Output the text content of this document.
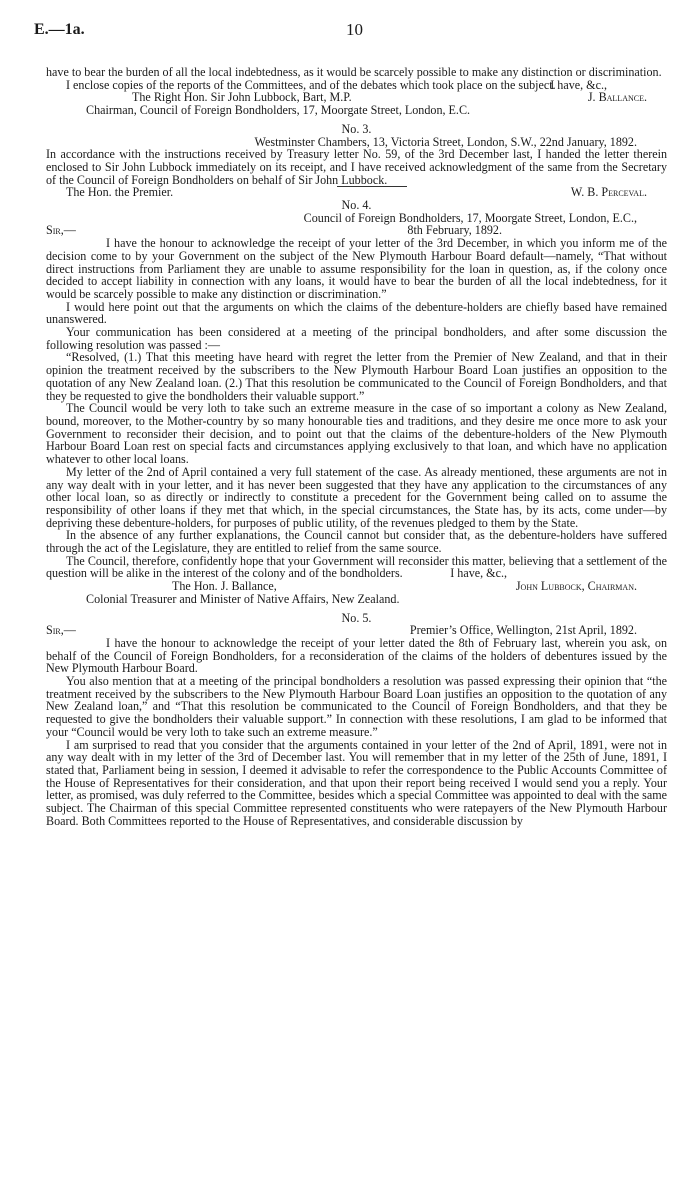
E.—1a.	10

have to bear the burden of all the local indebtedness, as it would be scarcely possible to make any distinction or discrimination.

I enclose copies of the reports of the Committees, and of the debates which took place on the subject.

I have, &c.,

The Right Hon. Sir John Lubbock, Bart, M.P.	J. Ballance.

Chairman, Council of Foreign Bondholders, 17, Moorgate Street, London, E.C.

No. 3.

Westminster Chambers, 13, Victoria Street, London, S.W., 22nd January, 1892.

In accordance with the instructions received by Treasury letter No. 59, of the 3rd December last, I handed the letter therein enclosed to Sir John Lubbock immediately on its receipt, and I have received acknowledgment of the same from the Secretary of the Council of Foreign Bondholders on behalf of Sir John Lubbock.

The Hon. the Premier.	W. B. Perceval.

No. 4.

Council of Foreign Bondholders, 17, Moorgate Street, London, E.C.,

Sir,—	8th February, 1892.

I have the honour to acknowledge the receipt of your letter of the 3rd December, in which you inform me of the decision come to by your Government on the subject of the New Plymouth Harbour Board default—namely, “That without direct instructions from Parliament they are unable to assume responsibility for the loan in question, as, if the colony once decided to accept liability in connection with any loans, it would have to bear the burden of all the local indebtedness, for it would be scarcely possible to make any distinction or discrimination.”

I would here point out that the arguments on which the claims of the debenture-holders are chiefly based have remained unanswered.

Your communication has been considered at a meeting of the principal bondholders, and after some discussion the following resolution was passed :—

“Resolved, (1.) That this meeting have heard with regret the letter from the Premier of New Zealand, and that in their opinion the treatment received by the subscribers to the New Plymouth Harbour Board Loan justifies an opposition to the quotation of any New Zealand loan. (2.) That this resolution be communicated to the Council of Foreign Bondholders, and that they be requested to give the bondholders their valuable support.”

The Council would be very loth to take such an extreme measure in the case of so important a colony as New Zealand, bound, moreover, to the Mother-country by so many honourable ties and traditions, and they desire me once more to ask your Government to reconsider their decision, and to point out that the claims of the debenture-holders of the New Plymouth Harbour Board Loan rest on special facts and circumstances applying exclusively to that loan, and which have no application whatever to other local loans.

My letter of the 2nd of April contained a very full statement of the case. As already mentioned, these arguments are not in any way dealt with in your letter, and it has never been suggested that they have any application to the circumstances of any other local loan, so as directly or indirectly to constitute a precedent for the Government being called on to assume the responsibility of other loans if they met that which, in the special circumstances, the State has, by its acts, come under—by depriving these debenture-holders, for purposes of public utility, of the revenues pledged to them by the State.

In the absence of any further explanations, the Council cannot but consider that, as the debenture-holders have suffered through the act of the Legislature, they are entitled to relief from the same source.

The Council, therefore, confidently hope that your Government will reconsider this matter, believing that a settlement of the question will be alike in the interest of the colony and of the bondholders.	I have, &c.,

The Hon. J. Ballance,	John Lubbock, Chairman.

Colonial Treasurer and Minister of Native Affairs, New Zealand.

No. 5.

Sir,—	Premier’s Office, Wellington, 21st April, 1892.

I have the honour to acknowledge the receipt of your letter dated the 8th of February last, wherein you ask, on behalf of the Council of Foreign Bondholders, for a reconsideration of the claims of the holders of debentures issued by the New Plymouth Harbour Board.

You also mention that at a meeting of the principal bondholders a resolution was passed expressing their opinion that “the treatment received by the subscribers to the New Plymouth Harbour Board Loan justifies an opposition to the quotation of any New Zealand loan,” and “That this resolution be communicated to the Council of Foreign Bondholders, and that they be requested to give the bondholders their valuable support.” In connection with these resolutions, I am glad to be informed that your “Council would be very loth to take such an extreme measure.”

I am surprised to read that you consider that the arguments contained in your letter of the 2nd of April, 1891, were not in any way dealt with in my letter of the 3rd of December last. You will remember that in my letter of the 25th of June, 1891, I stated that, Parliament being in session, I deemed it advisable to refer the correspondence to the Public Accounts Committee of the House of Representatives for their consideration, and that upon their report being received I would send you a reply. Your letter, as promised, was duly referred to the Committee, besides which a special Committee was appointed to deal with the same subject. The Chairman of this special Committee represented constituents who were ratepayers of the New Plymouth Harbour Board. Both Committees reported to the House of Representatives, and considerable discussion by
